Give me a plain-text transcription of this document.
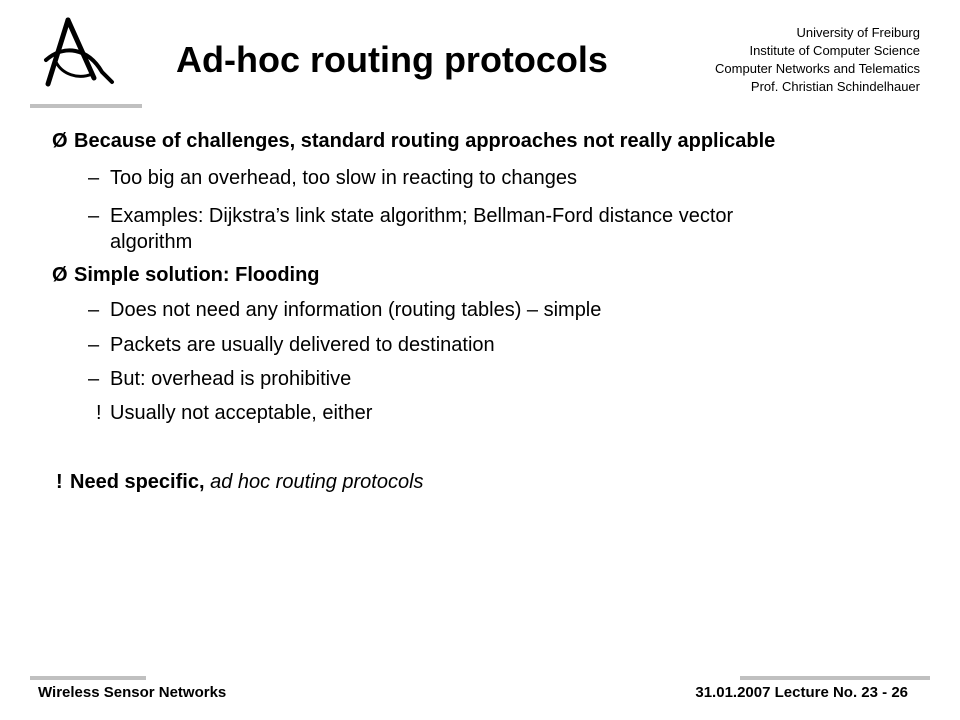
Ad-hoc routing protocols
University of Freiburg
Institute of Computer Science
Computer Networks and Telematics
Prof. Christian Schindelhauer
Ø Because of challenges, standard routing approaches not really applicable
– Too big an overhead, too slow in reacting to changes
– Examples: Dijkstra’s link state algorithm; Bellman-Ford distance vector
algorithm
Ø Simple solution: Flooding
– Does not need any information (routing tables) – simple
– Packets are usually delivered to destination
– But: overhead is prohibitive
! Usually not acceptable, either
! Need specific, ad hoc routing protocols
Wireless Sensor Networks	31.01.2007 Lecture No. 23 - 26
